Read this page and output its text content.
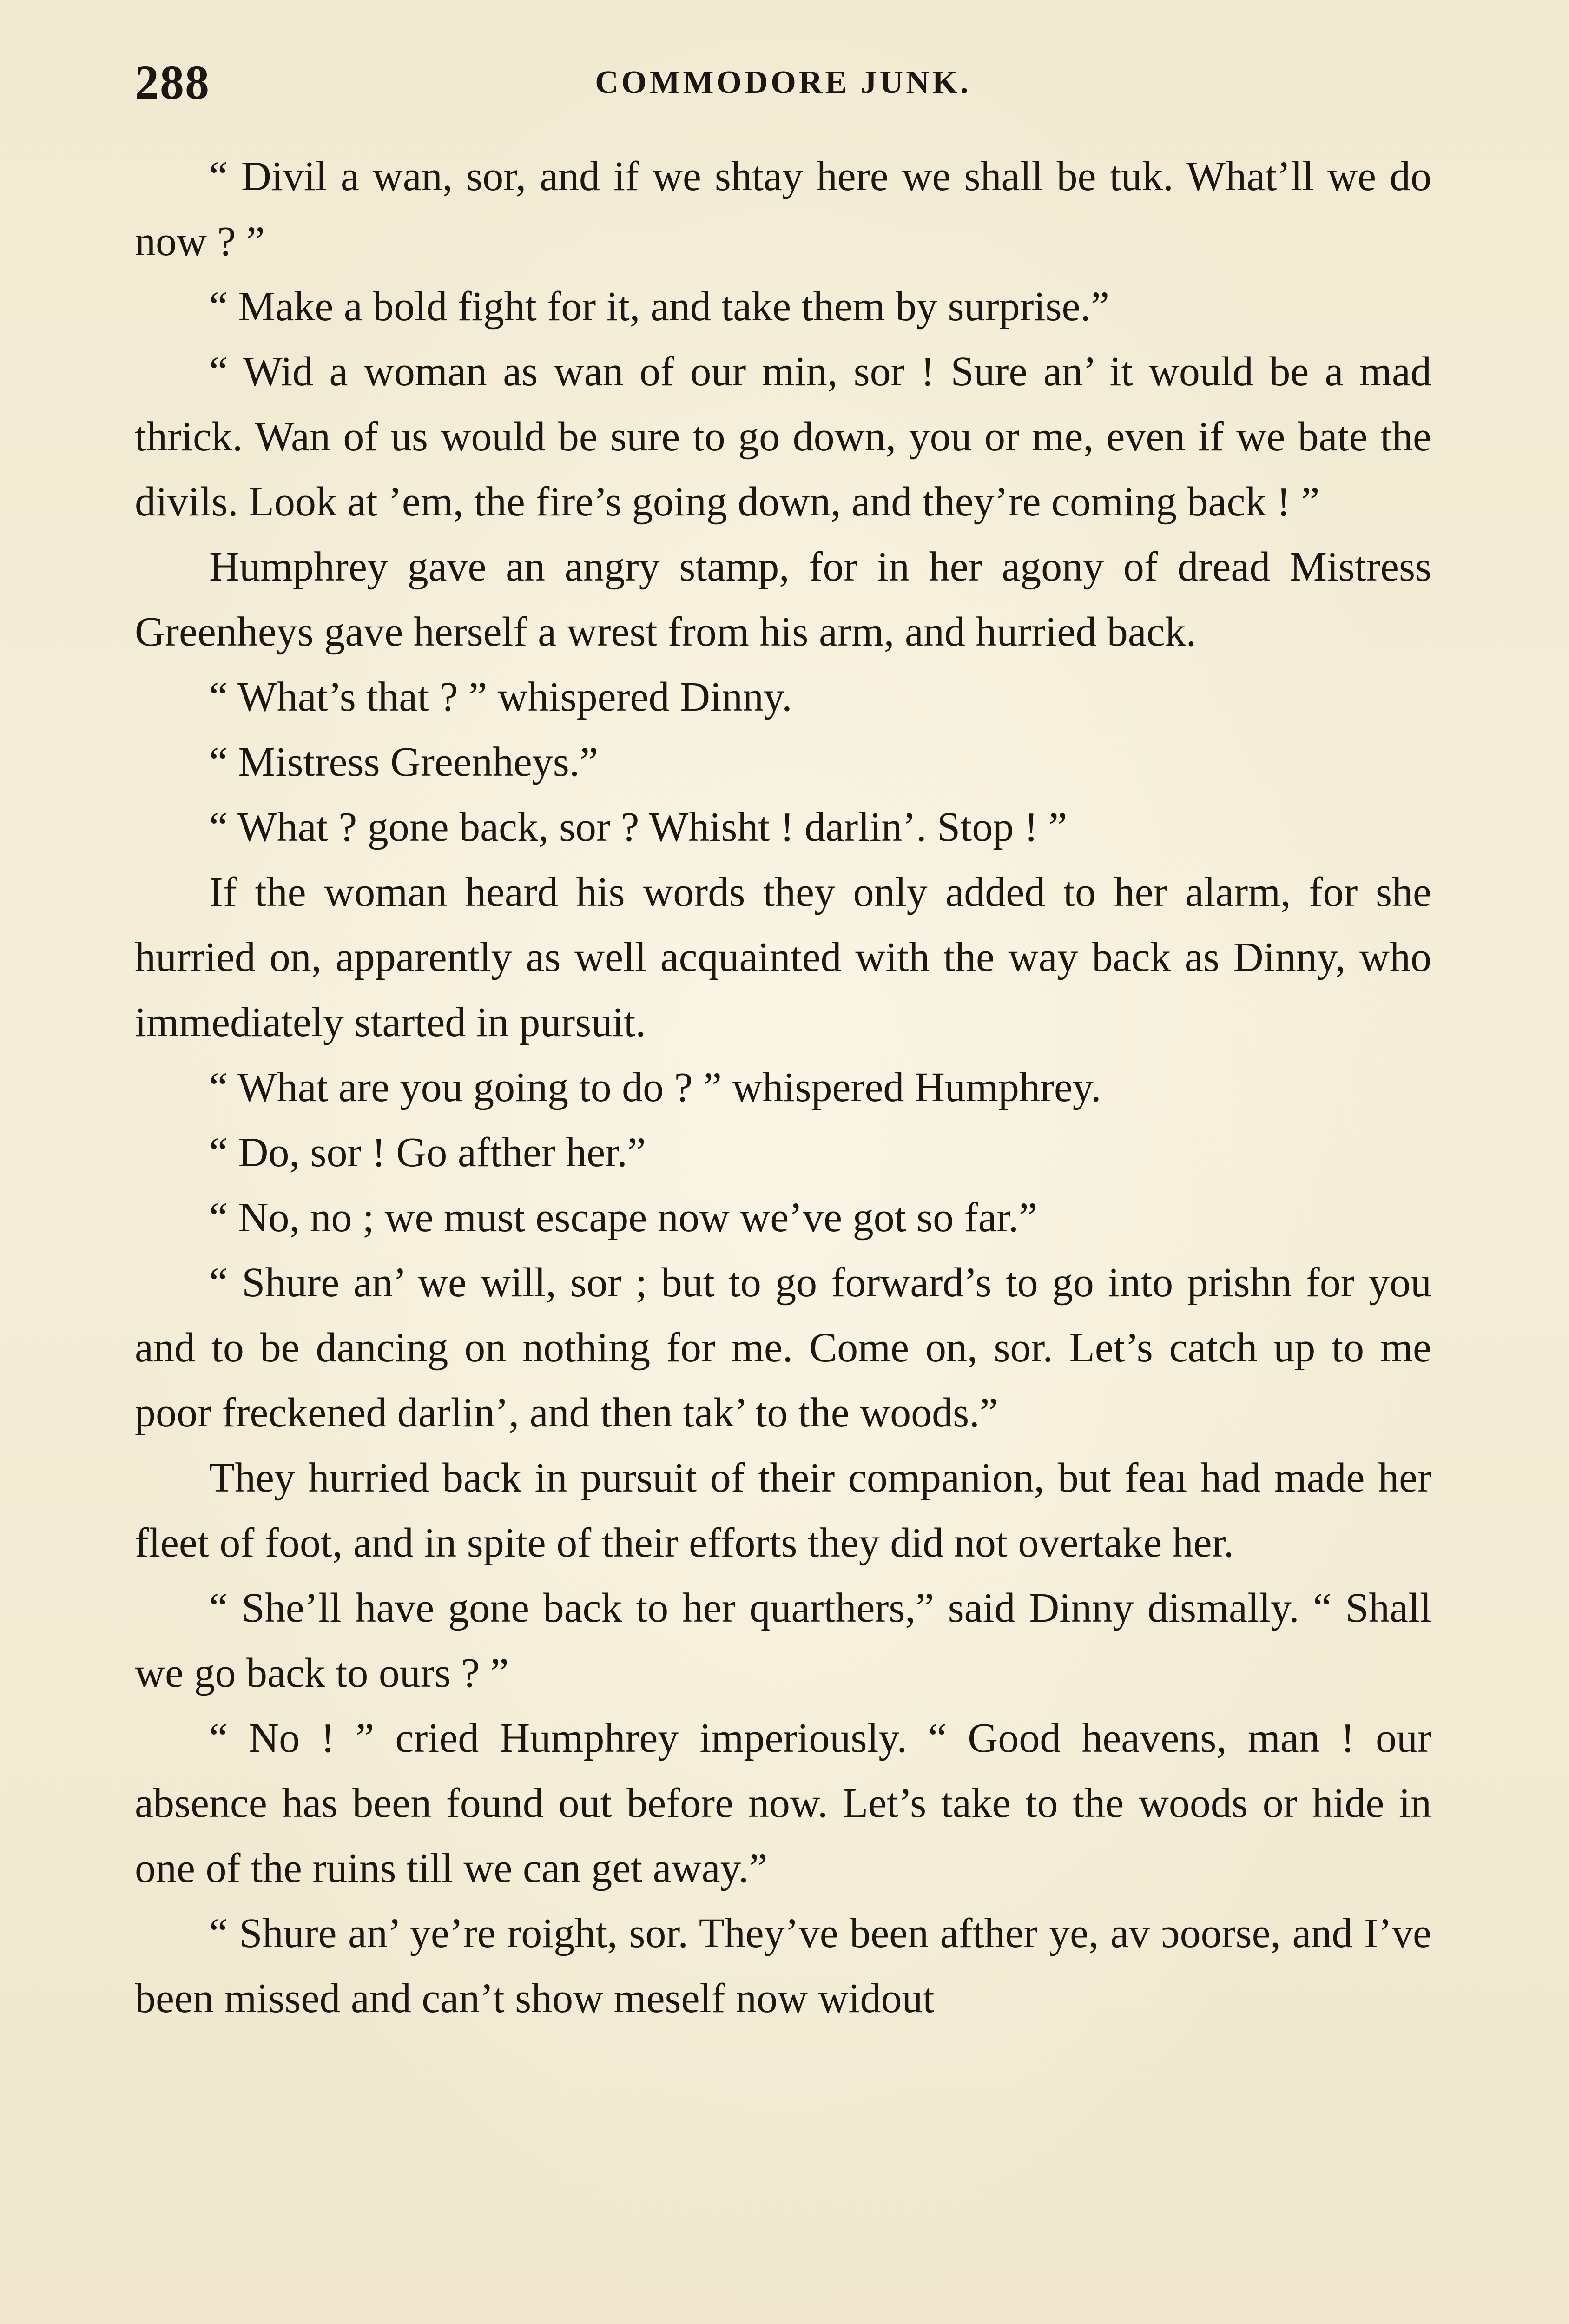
288	COMMODORE JUNK.

“ Divil a wan, sor, and if we shtay here we shall be tuk. What’ll we do now ? ”

“ Make a bold fight for it, and take them by surprise.”

“ Wid a woman as wan of our min, sor ! Sure an’ it would be a mad thrick. Wan of us would be sure to go down, you or me, even if we bate the divils. Look at ’em, the fire’s going down, and they’re coming back ! ”

Humphrey gave an angry stamp, for in her agony of dread Mistress Greenheys gave herself a wrest from his arm, and hurried back.

“ What’s that ? ” whispered Dinny.

“ Mistress Greenheys.”

“ What ? gone back, sor ? Whisht ! darlin’. Stop ! ”

If the woman heard his words they only added to her alarm, for she hurried on, apparently as well acquainted with the way back as Dinny, who immediately started in pursuit.

“ What are you going to do ? ” whispered Humphrey.

“ Do, sor ! Go afther her.”

“ No, no ; we must escape now we’ve got so far.”

“ Shure an’ we will, sor ; but to go forward’s to go into prishn for you and to be dancing on nothing for me. Come on, sor. Let’s catch up to me poor freckened darlin’, and then tak’ to the woods.”

They hurried back in pursuit of their companion, but feaı had made her fleet of foot, and in spite of their efforts they did not overtake her.

“ She’ll have gone back to her quarthers,” said Dinny dismally. “ Shall we go back to ours ? ”

“ No ! ” cried Humphrey imperiously. “ Good heavens, man ! our absence has been found out before now. Let’s take to the woods or hide in one of the ruins till we can get away.”

“ Shure an’ ye’re roight, sor. They’ve been afther ye, av ɔoorse, and I’ve been missed and can’t show meself now widout
